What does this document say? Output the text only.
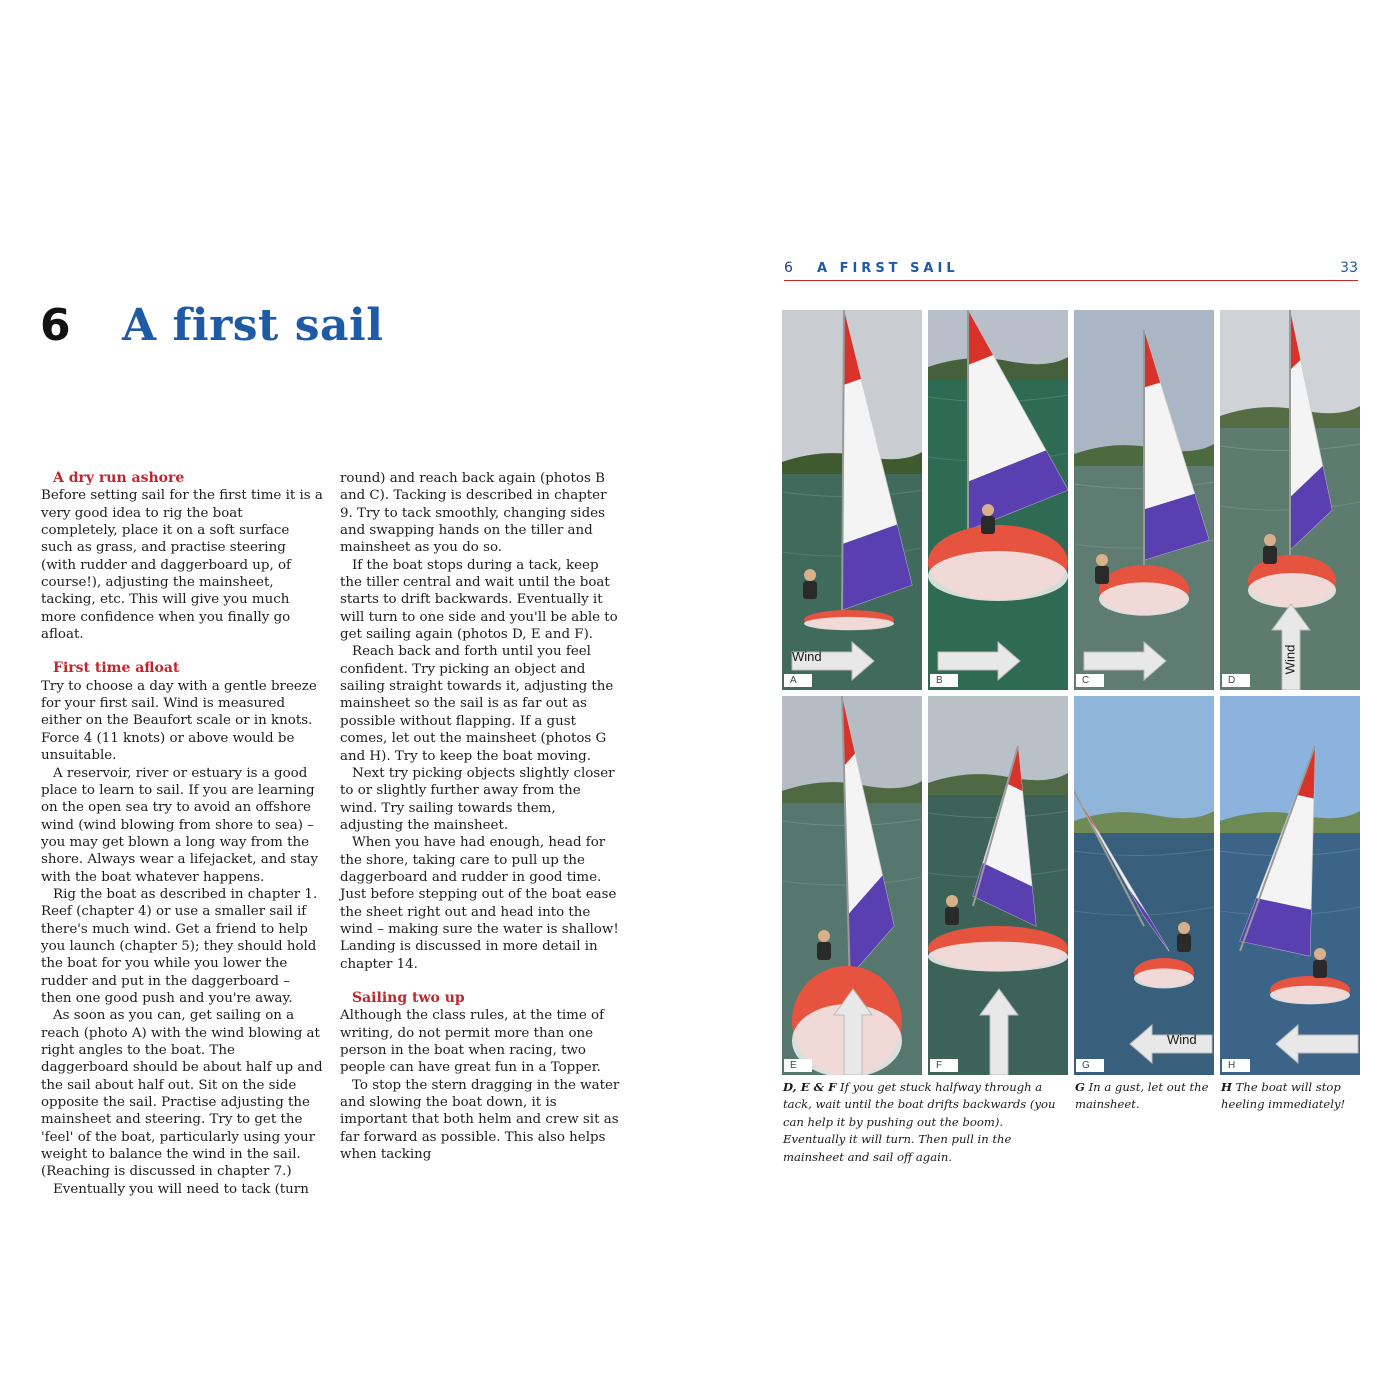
6	A first sail

A dry run ashore

Before setting sail for the first time it is a very good idea to rig the boat completely, place it on a soft surface such as grass, and practise steering (with rudder and daggerboard up, of course!), adjusting the mainsheet, tacking, etc. This will give you much more confidence when you finally go afloat.

First time afloat

Try to choose a day with a gentle breeze for your first sail. Wind is measured either on the Beaufort scale or in knots. Force 4 (11 knots) or above would be unsuitable.

A reservoir, river or estuary is a good place to learn to sail. If you are learning on the open sea try to avoid an offshore wind (wind blowing from shore to sea) – you may get blown a long way from the shore. Always wear a lifejacket, and stay with the boat whatever happens.

Rig the boat as described in chapter 1. Reef (chapter 4) or use a smaller sail if there's much wind. Get a friend to help you launch (chapter 5); they should hold the boat for you while you lower the rudder and put in the daggerboard – then one good push and you're away.

As soon as you can, get sailing on a reach (photo A) with the wind blowing at right angles to the boat. The daggerboard should be about half up and the sail about half out. Sit on the side opposite the sail. Practise adjusting the mainsheet and steering. Try to get the 'feel' of the boat, particularly using your weight to balance the wind in the sail. (Reaching is discussed in chapter 7.)

Eventually you will need to tack (turn

round) and reach back again (photos B and C). Tacking is described in chapter 9. Try to tack smoothly, changing sides and swapping hands on the tiller and mainsheet as you do so.

If the boat stops during a tack, keep the tiller central and wait until the boat starts to drift backwards. Eventually it will turn to one side and you'll be able to get sailing again (photos D, E and F).

Reach back and forth until you feel confident. Try picking an object and sailing straight towards it, adjusting the mainsheet so the sail is as far out as possible without flapping. If a gust comes, let out the mainsheet (photos G and H). Try to keep the boat moving.

Next try picking objects slightly closer to or slightly further away from the wind. Try sailing towards them, adjusting the mainsheet.

When you have had enough, head for the shore, taking care to pull up the daggerboard and rudder in good time. Just before stepping out of the boat ease the sheet right out and head into the wind – making sure the water is shallow! Landing is discussed in more detail in chapter 14.

Sailing two up

Although the class rules, at the time of writing, do not permit more than one person in the boat when racing, two people can have great fun in a Topper.

To stop the stern dragging in the water and slowing the boat down, it is important that both helm and crew sit as far forward as possible. This also helps when tacking

6 A FIRST SAIL	33
A
Wind
B	C	D
Wind
E	F	G
Wind
H
D, E & F If you get stuck halfway through a tack, wait until the boat drifts backwards (you can help it by pushing out the boom). Eventually it will turn. Then pull in the mainsheet and sail off again.
G In a gust, let out the mainsheet.
H The boat will stop heeling immediately!
